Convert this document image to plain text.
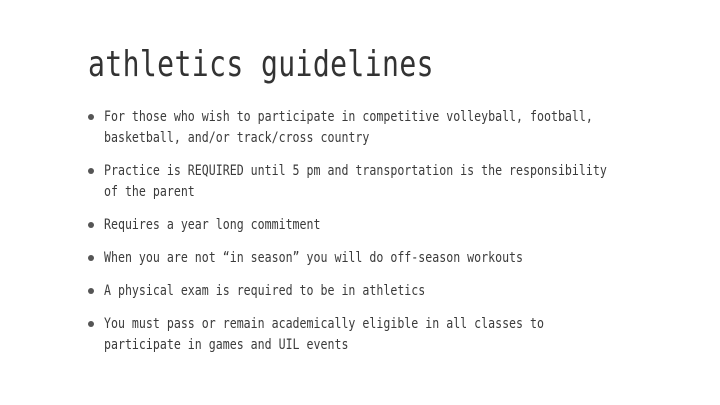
athletics guidelines
For those who wish to participate in competitive volleyball, football, basketball, and/or track/cross country
Practice is REQUIRED until 5 pm and transportation is the responsibility of the parent
Requires a year long commitment
When you are not “in season” you will do off-season workouts
A physical exam is required to be in athletics
You must pass or remain academically eligible in all classes to participate in games and UIL events
